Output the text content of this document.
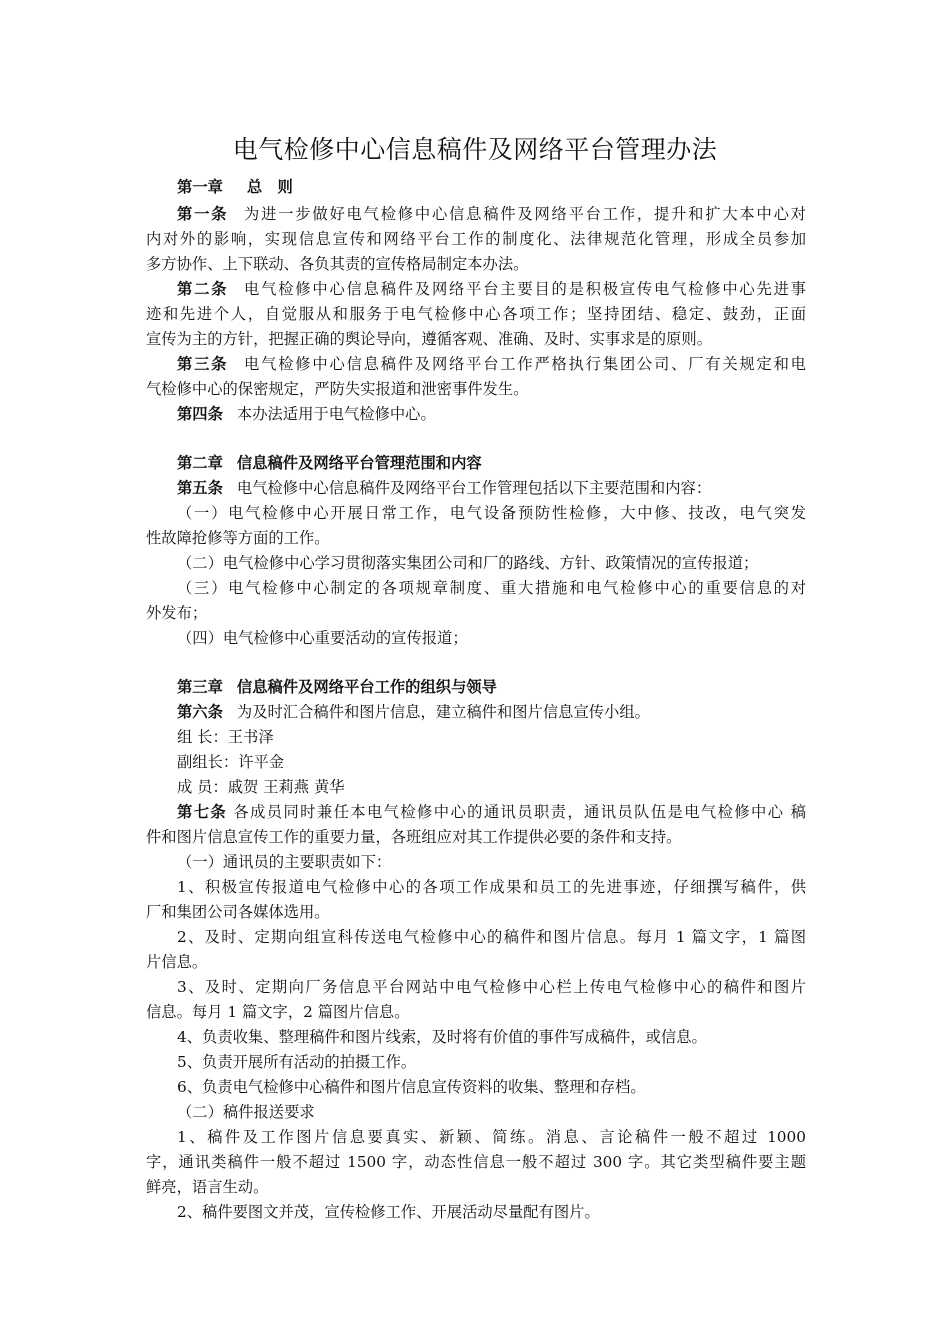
电气检修中心信息稿件及网络平台管理办法
第一章 总　则
第一条 为进一步做好电气检修中心信息稿件及网络平台工作，提升和扩大本中心对
内对外的影响，实现信息宣传和网络平台工作的制度化、法律规范化管理，形成全员参加
多方协作、上下联动、各负其责的宣传格局制定本办法。
第二条 电气检修中心信息稿件及网络平台主要目的是积极宣传电气检修中心先进事
迹和先进个人，自觉服从和服务于电气检修中心各项工作；坚持团结、稳定、鼓劲，正面
宣传为主的方针，把握正确的舆论导向，遵循客观、准确、及时、实事求是的原则。
第三条 电气检修中心信息稿件及网络平台工作严格执行集团公司、厂有关规定和电
气检修中心的保密规定，严防失实报道和泄密事件发生。
第四条 本办法适用于电气检修中心。
第二章 信息稿件及网络平台管理范围和内容
第五条 电气检修中心信息稿件及网络平台工作管理包括以下主要范围和内容：
（一）电气检修中心开展日常工作，电气设备预防性检修，大中修、技改，电气突发
性故障抢修等方面的工作。
（二）电气检修中心学习贯彻落实集团公司和厂的路线、方针、政策情况的宣传报道；
（三）电气检修中心制定的各项规章制度、重大措施和电气检修中心的重要信息的对
外发布；
（四）电气检修中心重要活动的宣传报道；
第三章 信息稿件及网络平台工作的组织与领导
第六条 为及时汇合稿件和图片信息，建立稿件和图片信息宣传小组。
组 长：王书泽
副组长：许平金
成 员：戚贺 王莉燕 黄华
第七条 各成员同时兼任本电气检修中心的通讯员职责，通讯员队伍是电气检修中心 稿
件和图片信息宣传工作的重要力量，各班组应对其工作提供必要的条件和支持。
（一）通讯员的主要职责如下：
1、积极宣传报道电气检修中心的各项工作成果和员工的先进事迹，仔细撰写稿件，供
厂和集团公司各媒体选用。
2、及时、定期向组宣科传送电气检修中心的稿件和图片信息。每月 1 篇文字，1 篇图
片信息。
3、及时、定期向厂务信息平台网站中电气检修中心栏上传电气检修中心的稿件和图片
信息。每月 1 篇文字，2 篇图片信息。
4、负责收集、整理稿件和图片线索，及时将有价值的事件写成稿件，或信息。
5、负责开展所有活动的拍摄工作。
6、负责电气检修中心稿件和图片信息宣传资料的收集、整理和存档。
（二）稿件报送要求
1、稿件及工作图片信息要真实、新颖、简练。消息、言论稿件一般不超过 1000
字，通讯类稿件一般不超过 1500 字，动态性信息一般不超过 300 字。其它类型稿件要主题
鲜亮，语言生动。
2、稿件要图文并茂，宣传检修工作、开展活动尽量配有图片。
